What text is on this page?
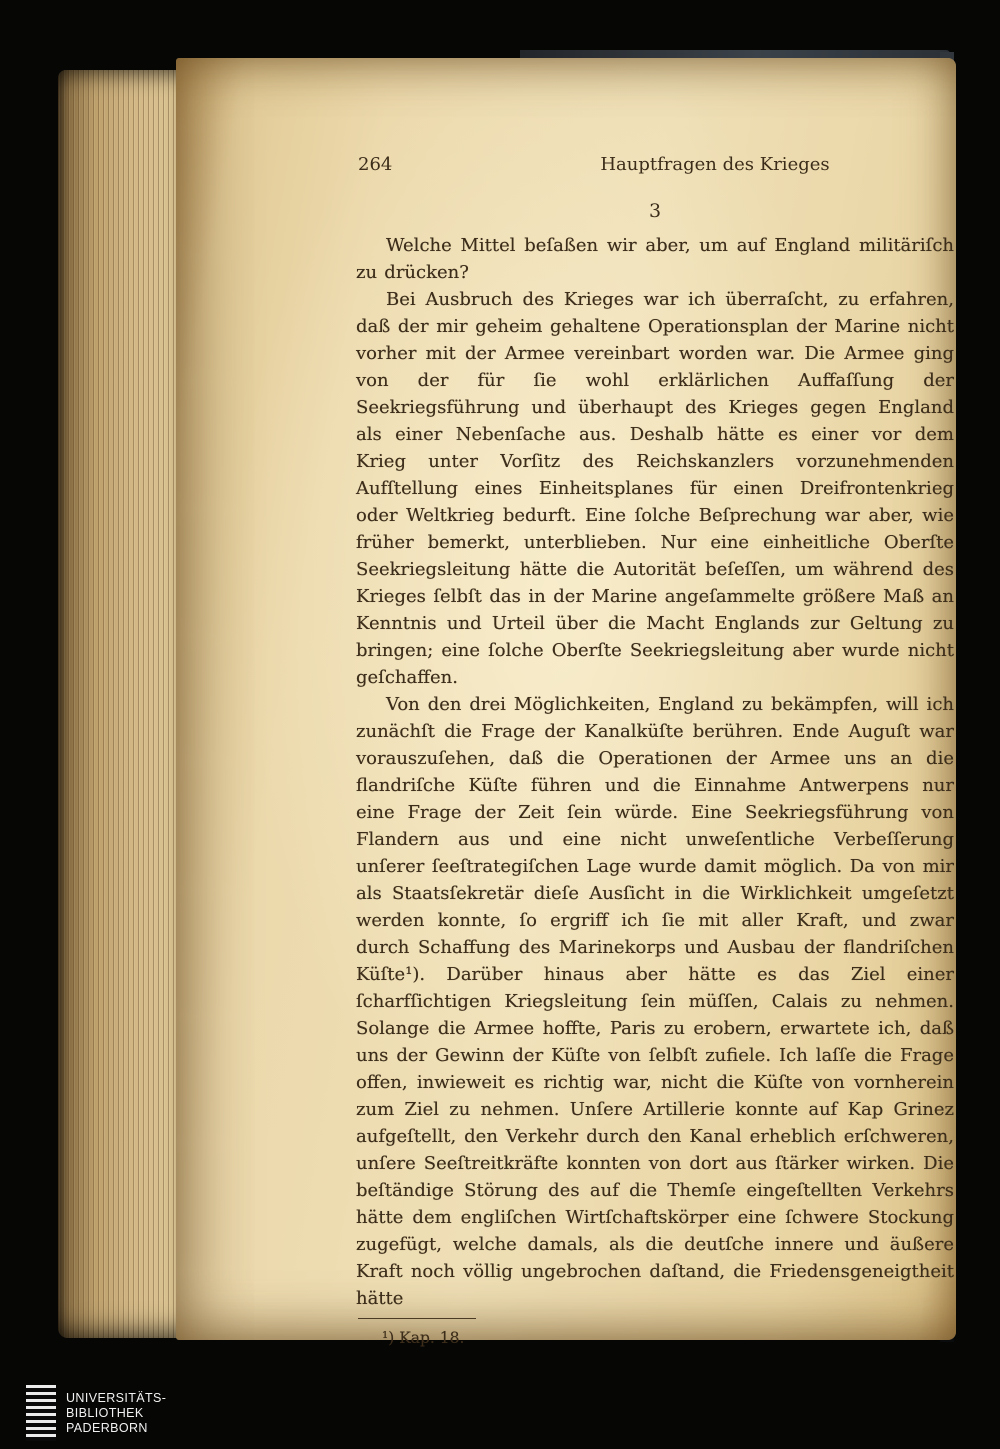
264	Hauptfragen des Krieges
3

Welche Mittel beſaßen wir aber, um auf England militäriſch zu drücken?

Bei Ausbruch des Krieges war ich überraſcht, zu erfahren, daß der mir geheim gehaltene Operationsplan der Marine nicht vorher mit der Armee vereinbart worden war. Die Armee ging von der für ſie wohl erklärlichen Auffaſſung der Seekriegsführung und überhaupt des Krieges gegen England als einer Nebenſache aus. Deshalb hätte es einer vor dem Krieg unter Vorſitz des Reichskanzlers vorzunehmenden Aufſtellung eines Einheitsplanes für einen Dreifrontenkrieg oder Weltkrieg bedurft. Eine ſolche Beſprechung war aber, wie früher bemerkt, unterblieben. Nur eine einheitliche Oberſte Seekriegsleitung hätte die Autorität beſeſſen, um während des Krieges ſelbſt das in der Marine angeſammelte größere Maß an Kenntnis und Urteil über die Macht Englands zur Geltung zu bringen; eine ſolche Oberſte Seekriegsleitung aber wurde nicht geſchaffen.

Von den drei Möglichkeiten, England zu bekämpfen, will ich zunächſt die Frage der Kanalküſte berühren. Ende Auguſt war vorauszuſehen, daß die Operationen der Armee uns an die flandriſche Küſte führen und die Einnahme Antwerpens nur eine Frage der Zeit ſein würde. Eine Seekriegsführung von Flandern aus und eine nicht unweſentliche Verbeſſerung unſerer ſeeſtrategiſchen Lage wurde damit möglich. Da von mir als Staatsſekretär dieſe Ausſicht in die Wirklichkeit umgeſetzt werden konnte, ſo ergriff ich ſie mit aller Kraft, und zwar durch Schaffung des Marinekorps und Ausbau der flandriſchen Küſte¹). Darüber hinaus aber hätte es das Ziel einer ſcharfſichtigen Kriegsleitung ſein müſſen, Calais zu nehmen. Solange die Armee hoffte, Paris zu erobern, erwartete ich, daß uns der Gewinn der Küſte von ſelbſt zufiele. Ich laſſe die Frage offen, inwieweit es richtig war, nicht die Küſte von vornherein zum Ziel zu nehmen. Unſere Artillerie konnte auf Kap Grinez aufgeſtellt, den Verkehr durch den Kanal erheblich erſchweren, unſere Seeſtreitkräfte konnten von dort aus ſtärker wirken. Die beſtändige Störung des auf die Themſe eingeſtellten Verkehrs hätte dem engliſchen Wirtſchaftskörper eine ſchwere Stockung zugefügt, welche damals, als die deutſche innere und äußere Kraft noch völlig ungebrochen daſtand, die Friedensgeneigtheit hätte

¹) Kap. 18.
UNIVERSITÄTS-
BIBLIOTHEK
PADERBORN
